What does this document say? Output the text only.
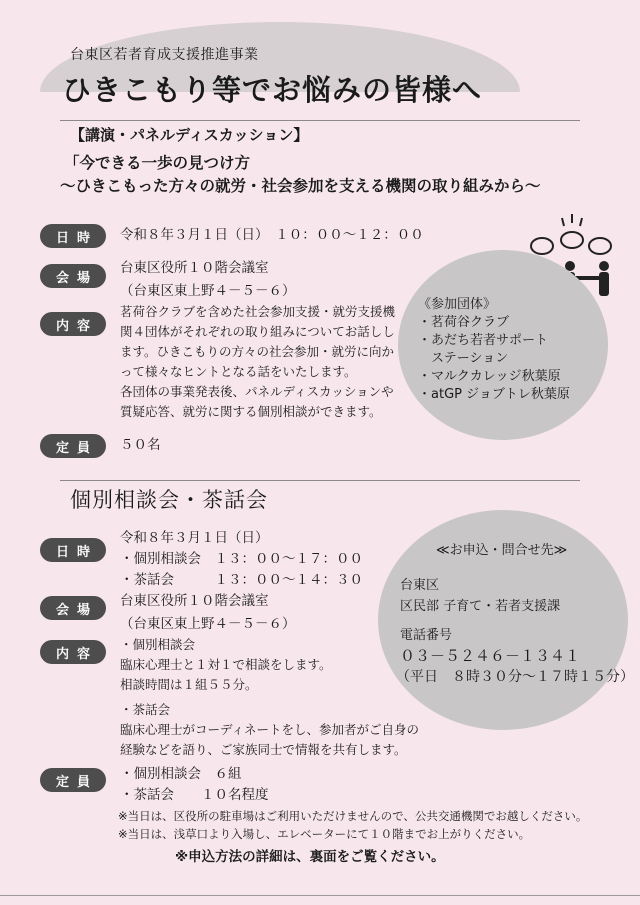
台東区若者育成支援推進事業
ひきこもり等でお悩みの皆様へ
【講演・パネルディスカッション】
「今できる一歩の見つけ方
～ひきこもった方々の就労・社会参加を支える機関の取り組みから～
《参加団体》
・茗荷谷クラブ
・あだち若者サポート
　ステーション
・マルクカレッジ秋葉原
・atGP ジョブトレ秋葉原
日時 令和８年３月１日（日）　１０：００～１２：００
会場
台東区役所１０階会議室
（台東区東上野４－５－６）
内容
茗荷谷クラブを含めた社会参加支援・就労支援機
関４団体がそれぞれの取り組みについてお話しし
ます。ひきこもりの方々の社会参加・就労に向か
って様々なヒントとなる話をいたします。
各団体の事業発表後、パネルディスカッションや
質疑応答、就労に関する個別相談ができます。
定員 ５０名
個別相談会・茶話会
≪お申込・問合せ先≫
台東区
区民部 子育て・若者支援課
電話番号
０３－５２４６－１３４１
（平日　８時３０分～１７時１５分）
日時
令和８年３月１日（日）
・個別相談会　１３：００～１７：００
・茶話会　　　１３：００～１４：３０
会場
台東区役所１０階会議室
（台東区東上野４－５－６）
内容
・個別相談会
臨床心理士と１対１で相談をします。
相談時間は１組５５分。
・茶話会
臨床心理士がコーディネートをし、参加者がご自身の
経験などを語り、ご家族同士で情報を共有します。
定員 ・個別相談会　６組
・茶話会　　１０名程度
※当日は、区役所の駐車場はご利用いただけませんので、公共交通機関でお越しください。
※当日は、浅草口より入場し、エレベーターにて１０階までお上がりください。
※申込方法の詳細は、裏面をご覧ください。
